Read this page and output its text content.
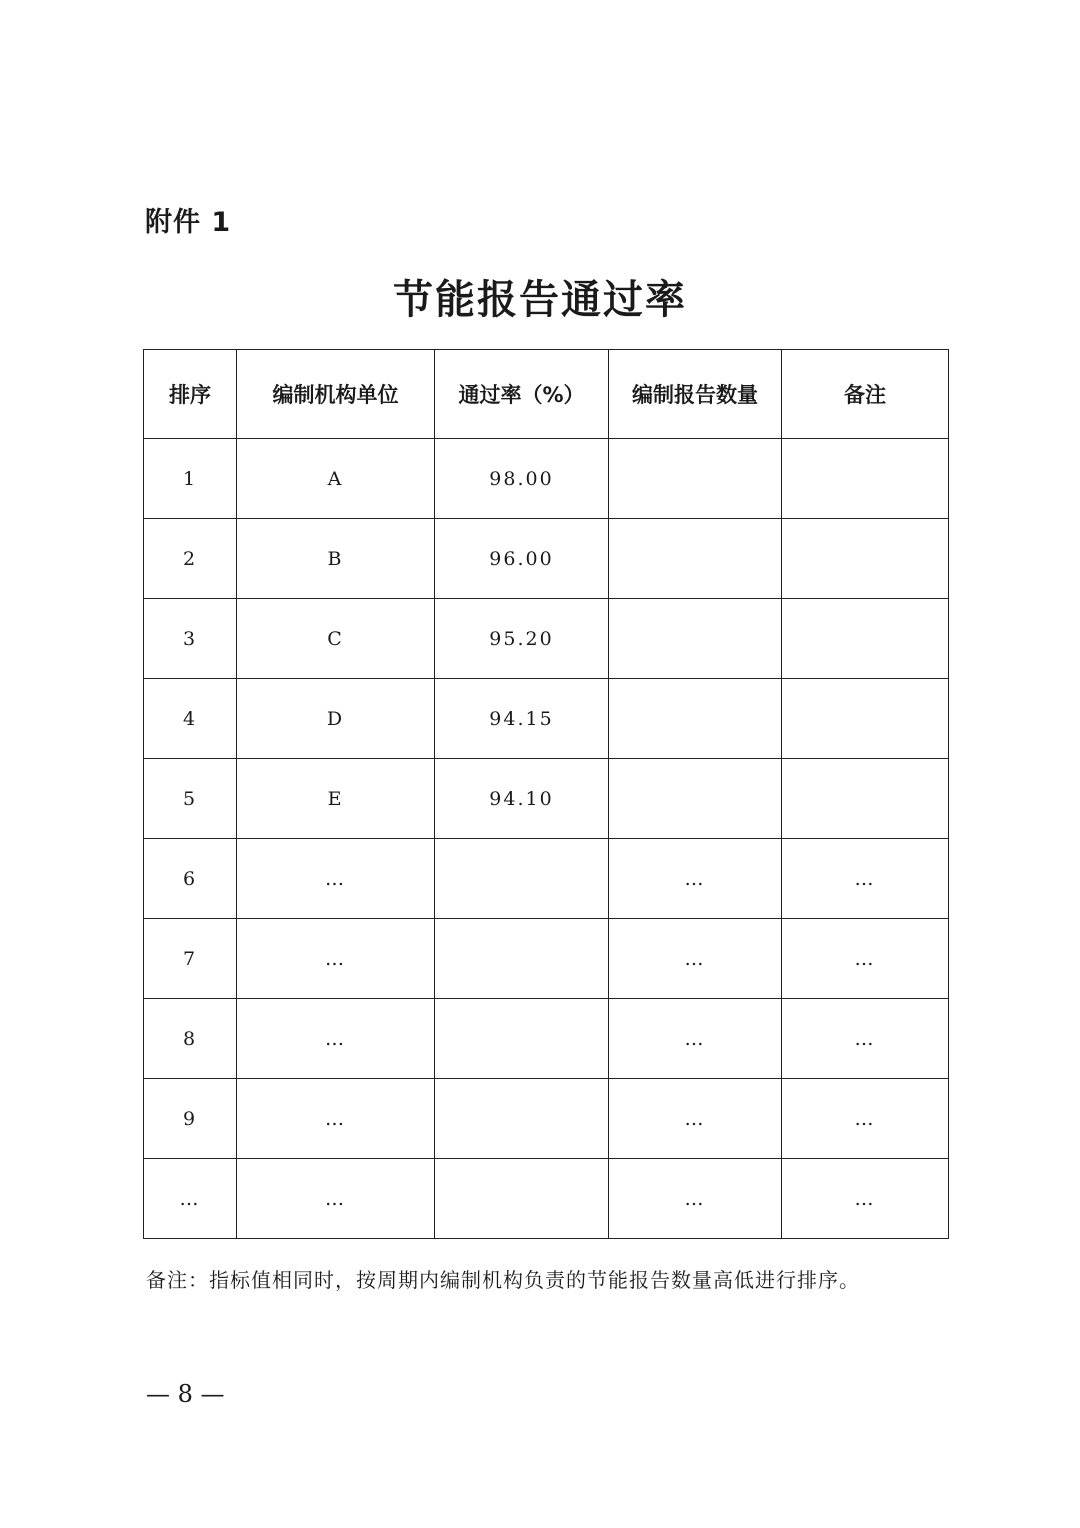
附件 1
节能报告通过率
排序	编制机构单位	通过率（%）	编制报告数量	备注
1	A	98.00		
2	B	96.00		
3	C	95.20		
4	D	94.15		
5	E	94.10		
6	…		…	…
7	…		…	…
8	…		…	…
9	…		…	…
…	…		…	…
备注：指标值相同时，按周期内编制机构负责的节能报告数量高低进行排序。
— 8 —
